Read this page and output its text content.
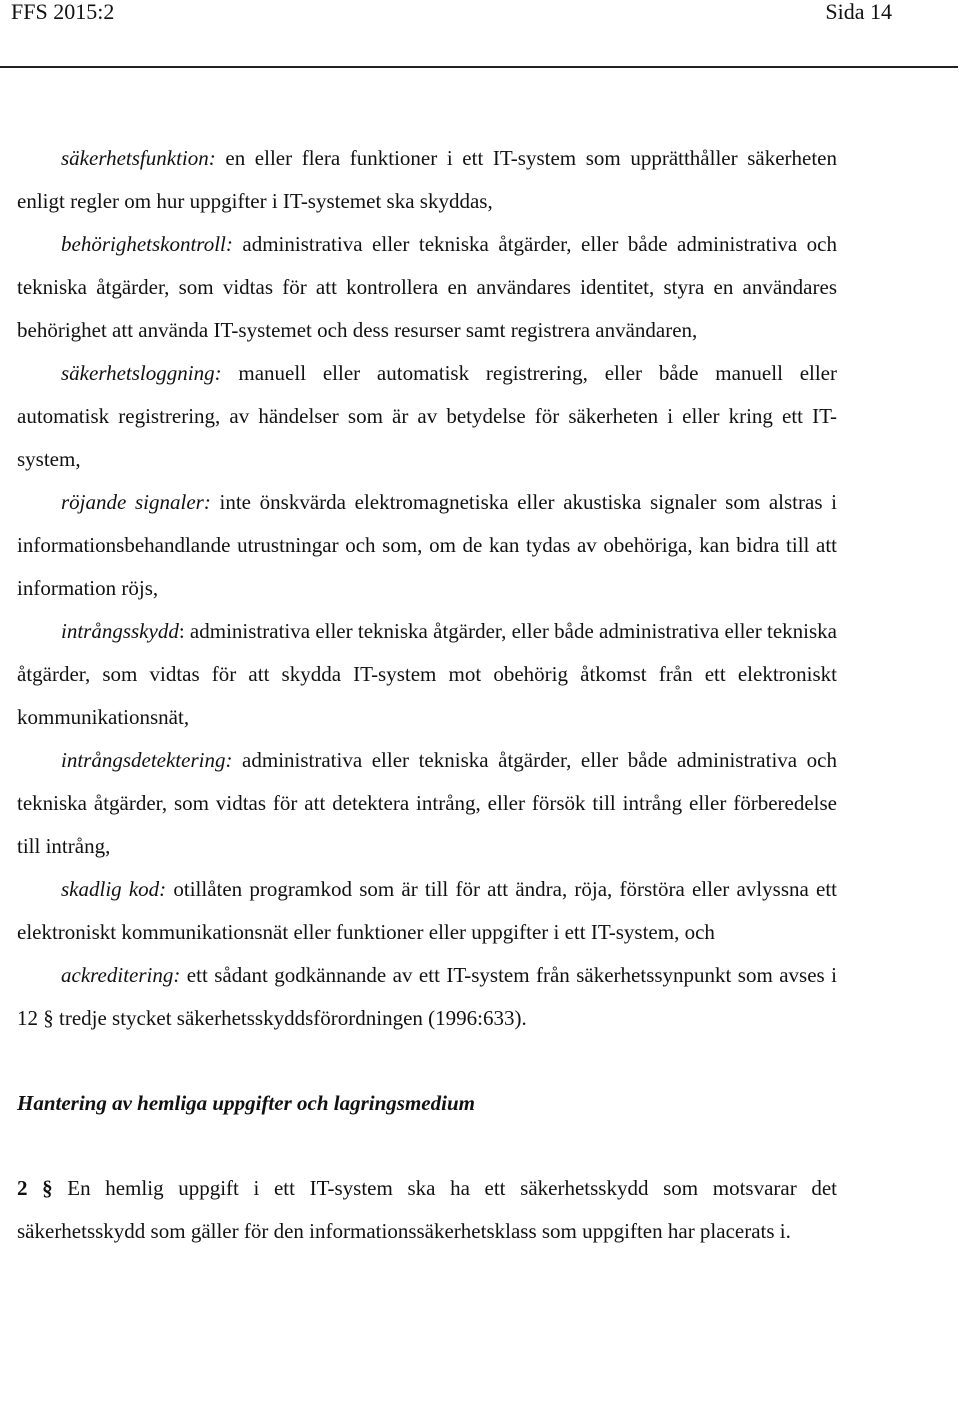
FFS 2015:2	Sida 14

säkerhetsfunktion: en eller flera funktioner i ett IT-system som upprätthåller säkerheten enligt regler om hur uppgifter i IT-systemet ska skyddas,

behörighetskontroll: administrativa eller tekniska åtgärder, eller både administrativa och tekniska åtgärder, som vidtas för att kontrollera en användares identitet, styra en användares behörighet att använda IT-systemet och dess resurser samt registrera användaren,

säkerhetsloggning: manuell eller automatisk registrering, eller både manuell eller automatisk registrering, av händelser som är av betydelse för säkerheten i eller kring ett IT-system,

röjande signaler: inte önskvärda elektromagnetiska eller akustiska signaler som alstras i informationsbehandlande utrustningar och som, om de kan tydas av obehöriga, kan bidra till att information röjs,

intrångsskydd: administrativa eller tekniska åtgärder, eller både administrativa eller tekniska åtgärder, som vidtas för att skydda IT-system mot obehörig åtkomst från ett elektroniskt kommunikationsnät,

intrångsdetektering: administrativa eller tekniska åtgärder, eller både administrativa och tekniska åtgärder, som vidtas för att detektera intrång, eller försök till intrång eller förberedelse till intrång,

skadlig kod: otillåten programkod som är till för att ändra, röja, förstöra eller avlyssna ett elektroniskt kommunikationsnät eller funktioner eller uppgifter i ett IT-system, och

ackreditering: ett sådant godkännande av ett IT-system från säkerhetssynpunkt som avses i 12 § tredje stycket säkerhetsskyddsförordningen (1996:633).

Hantering av hemliga uppgifter och lagringsmedium

2 § En hemlig uppgift i ett IT-system ska ha ett säkerhetsskydd som motsvarar det säkerhetsskydd som gäller för den informationssäkerhetsklass som uppgiften har placerats i.
